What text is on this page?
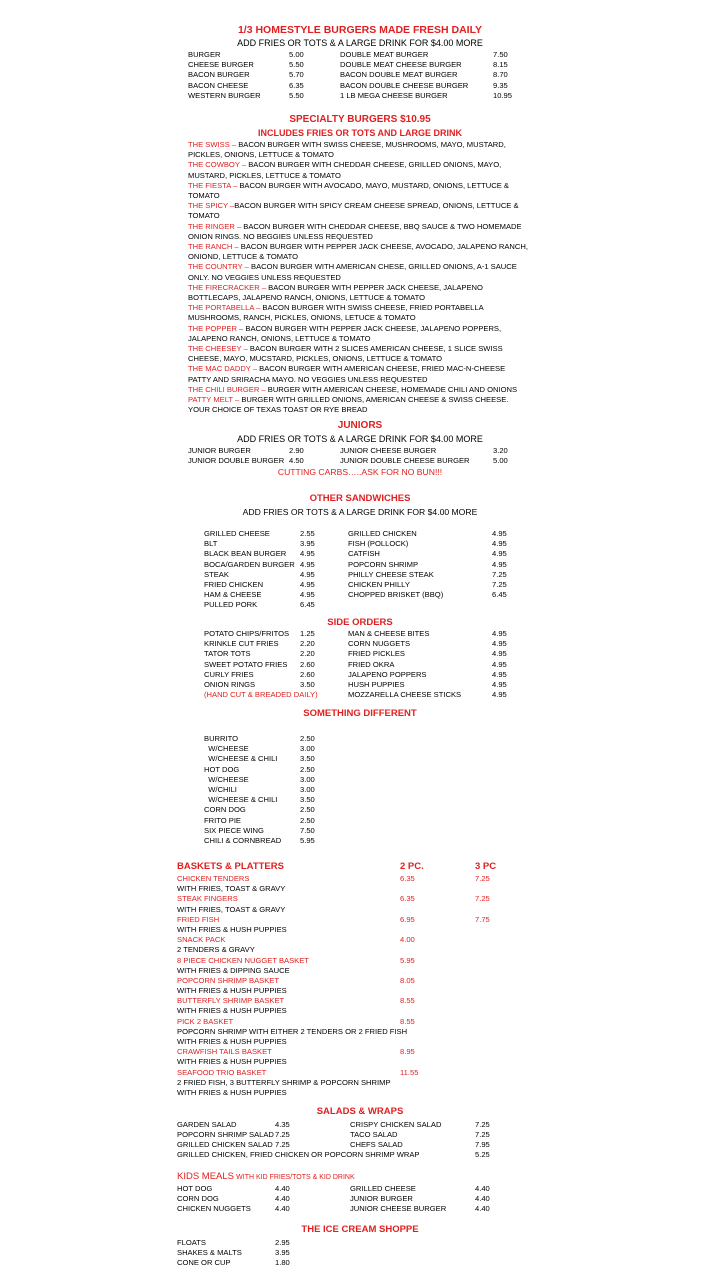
1/3 HOMESTYLE BURGERS MADE FRESH DAILY
ADD FRIES OR TOTS & A LARGE DRINK FOR $4.00 MORE
BURGER	5.00	DOUBLE MEAT BURGER	7.50
CHEESE BURGER	5.50	DOUBLE MEAT CHEESE BURGER	8.15
BACON BURGER	5.70	BACON DOUBLE MEAT BURGER	8.70
BACON CHEESE	6.35	BACON DOUBLE CHEESE BURGER	9.35
WESTERN BURGER	5.50	1 LB MEGA CHEESE BURGER	10.95
SPECIALTY BURGERS $10.95
INCLUDES FRIES OR TOTS AND LARGE DRINK

THE SWISS – BACON BURGER WITH SWISS CHEESE, MUSHROOMS, MAYO, MUSTARD, PICKLES, ONIONS, LETTUCE & TOMATO

THE COWBOY – BACON BURGER WITH CHEDDAR CHEESE, GRILLED ONIONS, MAYO, MUSTARD, PICKLES, LETTUCE & TOMATO

THE FIESTA – BACON BURGER WITH AVOCADO, MAYO, MUSTARD, ONIONS, LETTUCE & TOMATO

THE SPICY –BACON BURGER WITH SPICY CREAM CHEESE SPREAD, ONIONS, LETTUCE & TOMATO

THE RINGER – BACON BURGER WITH CHEDDAR CHEESE, BBQ SAUCE & TWO HOMEMADE ONION RINGS. NO BEGGIES UNLESS REQUESTED

THE RANCH – BACON BURGER WITH PEPPER JACK CHEESE, AVOCADO, JALAPENO RANCH, ONIOND, LETTUCE & TOMATO

THE COUNTRY – BACON BURGER WITH AMERICAN CHESE, GRILLED ONIONS, A-1 SAUCE ONLY. NO VEGGIES UNLESS REQUESTED

THE FIRECRACKER – BACON BURGER WITH PEPPER JACK CHEESE, JALAPENO BOTTLECAPS, JALAPENO RANCH, ONIONS, LETTUCE & TOMATO

THE PORTABELLA – BACON BURGER WITH SWISS CHEESE, FRIED PORTABELLA MUSHROOMS, RANCH, PICKLES, ONIONS, LETUCE & TOMATO

THE POPPER – BACON BURGER WITH PEPPER JACK CHEESE, JALAPENO POPPERS, JALAPENO RANCH, ONIONS, LETTUCE & TOMATO

THE CHEESEY – BACON BURGER WITH 2 SLICES AMERICAN CHEESE, 1 SLICE SWISS CHEESE, MAYO, MUCSTARD, PICKLES, ONIONS, LETTUCE & TOMATO

THE MAC DADDY – BACON BURGER WITH AMERICAN CHEESE, FRIED MAC-N-CHEESE PATTY AND SRIRACHA MAYO. NO VEGGIES UNLESS REQUESTED

THE CHILI BURGER – BURGER WITH AMERICAN CHEESE, HOMEMADE CHILI AND ONIONS

PATTY MELT – BURGER WITH GRILLED ONIONS, AMERICAN CHEESE & SWISS CHEESE. YOUR CHOICE OF TEXAS TOAST OR RYE BREAD

JUNIORS
ADD FRIES OR TOTS & A LARGE DRINK FOR $4.00 MORE
JUNIOR BURGER	2.90	JUNIOR CHEESE BURGER	3.20
JUNIOR DOUBLE BURGER 4.50	JUNIOR DOUBLE CHEESE BURGER	5.00
CUTTING CARBS…..ASK FOR NO BUN!!!
OTHER SANDWICHES
ADD FRIES OR TOTS & A LARGE DRINK FOR $4.00 MORE
GRILLED CHEESE	2.55
BLT	3.95
BLACK BEAN BURGER 4.95
BOCA/GARDEN BURGER 4.95
STEAK	4.95
FRIED CHICKEN	4.95
HAM & CHEESE	4.95
PULLED PORK	6.45
GRILLED CHICKEN	4.95
FISH (POLLOCK)	4.95
CATFISH	4.95
POPCORN SHRIMP	4.95
PHILLY CHEESE STEAK	7.25
CHICKEN PHILLY	7.25
CHOPPED BRISKET (BBQ)	6.45
SIDE ORDERS
POTATO CHIPS/FRITOS 1.25
KRINKLE CUT FRIES	2.20
TATOR TOTS	2.20
SWEET POTATO FRIES 2.60
CURLY FRIES	2.60
ONION RINGS	3.50
(HAND CUT & BREADED DAILY)
MAN & CHEESE BITES	4.95
CORN NUGGETS	4.95
FRIED PICKLES	4.95
FRIED OKRA	4.95
JALAPENO POPPERS	4.95
HUSH PUPPIES	4.95
MOZZARELLA CHEESE STICKS	4.95
SOMETHING DIFFERENT
BURRITO	2.50
W/CHEESE	3.00
W/CHEESE & CHILI	3.50
HOT DOG	2.50
W/CHEESE	3.00
W/CHILI	3.00
W/CHEESE & CHILI	3.50
CORN DOG	2.50
FRITO PIE	2.50
SIX PIECE WING	7.50
CHILI & CORNBREAD 5.95
BASKETS & PLATTERS	2 PC.	3 PC
CHICKEN TENDERS	6.35	7.25
WITH FRIES, TOAST & GRAVY
STEAK FINGERS	6.35	7.25
WITH FRIES, TOAST & GRAVY
FRIED FISH	6.95	7.75
WITH FRIES & HUSH PUPPIES
SNACK PACK	4.00
2 TENDERS & GRAVY
8 PIECE CHICKEN NUGGET BASKET	5.95
WITH FRIES & DIPPING SAUCE
POPCORN SHRIMP BASKET	8.05
WITH FRIES & HUSH PUPPIES
BUTTERFLY SHRIMP BASKET	8.55
WITH FRIES & HUSH PUPPIES
PICK 2 BASKET	8.55
POPCORN SHRIMP WITH EITHER 2 TENDERS OR 2 FRIED FISH
WITH FRIES & HUSH PUPPIES
CRAWFISH TAILS BASKET	8.95
WITH FRIES & HUSH PUPPIES
SEAFOOD TRIO BASKET	11.55
2 FRIED FISH, 3 BUTTERFLY SHRIMP & POPCORN SHRIMP
WITH FRIES & HUSH PUPPIES
SALADS & WRAPS
GARDEN SALAD	4.35	CRISPY CHICKEN SALAD	7.25
POPCORN SHRIMP SALAD 7.25	TACO SALAD	7.25
GRILLED CHICKEN SALAD 7.25	CHEFS SALAD	7.95
GRILLED CHICKEN, FRIED CHICKEN OR POPCORN SHRIMP WRAP	5.25
KIDS MEALS WITH KID FRIES/TOTS & KID DRINK
HOT DOG	4.40	GRILLED CHEESE	4.40
CORN DOG	4.40	JUNIOR BURGER	4.40
CHICKEN NUGGETS	4.40	JUNIOR CHEESE BURGER	4.40
THE ICE CREAM SHOPPE
FLOATS	2.95
SHAKES & MALTS	3.95
CONE OR CUP	1.80
